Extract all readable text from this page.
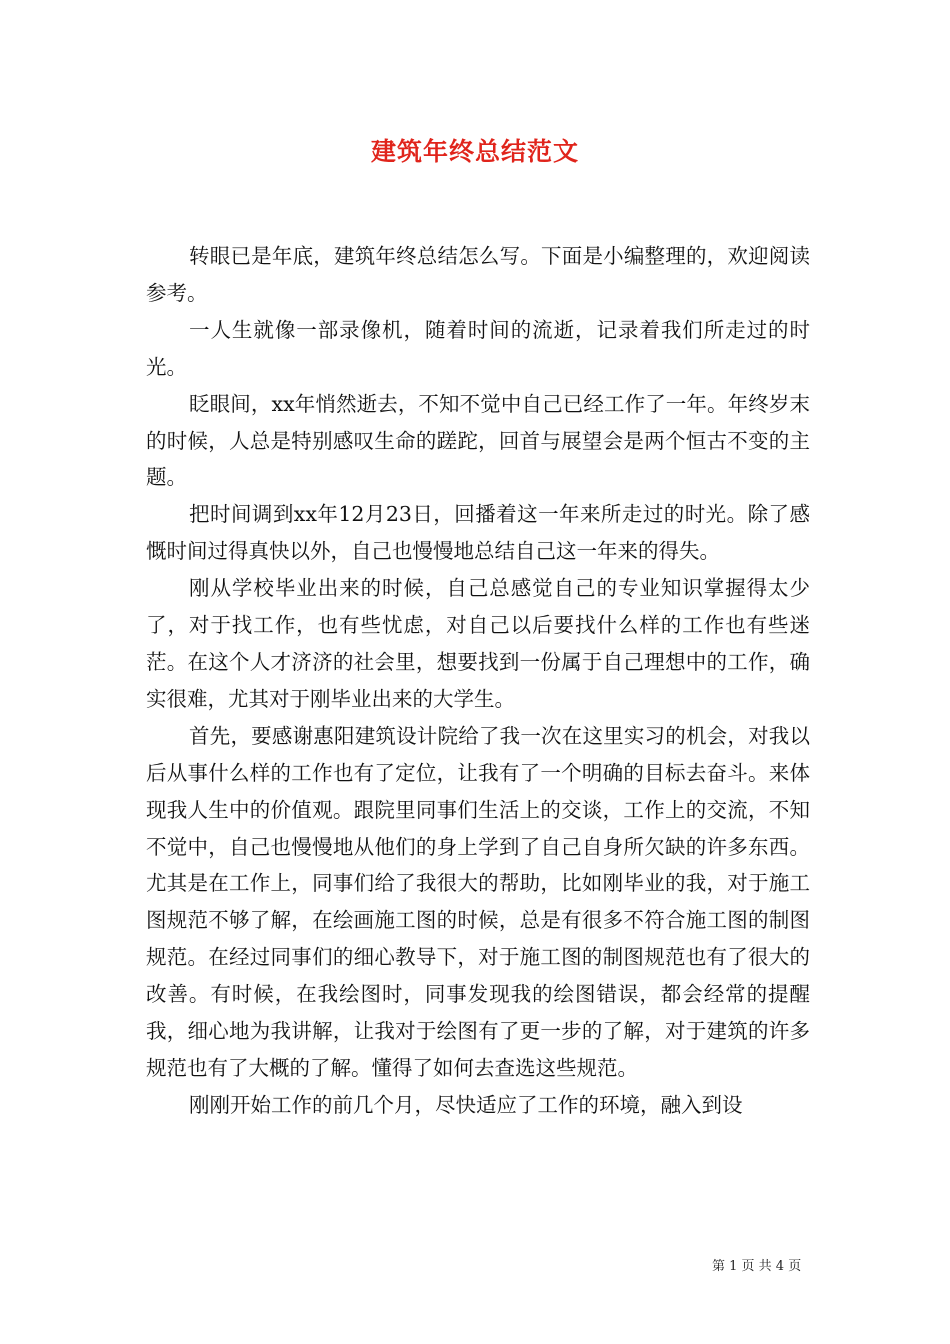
建筑年终总结范文

转眼已是年底，建筑年终总结怎么写。下面是小编整理的，欢迎阅读参考。

一人生就像一部录像机，随着时间的流逝，记录着我们所走过的时光。

眨眼间，xx年悄然逝去，不知不觉中自己已经工作了一年。年终岁末的时候，人总是特别感叹生命的蹉跎，回首与展望会是两个恒古不变的主题。

把时间调到xx年12月23日，回播着这一年来所走过的时光。除了感慨时间过得真快以外，自己也慢慢地总结自己这一年来的得失。

刚从学校毕业出来的时候，自己总感觉自己的专业知识掌握得太少了，对于找工作，也有些忧虑，对自己以后要找什么样的工作也有些迷茫。在这个人才济济的社会里，想要找到一份属于自己理想中的工作，确实很难，尤其对于刚毕业出来的大学生。

首先，要感谢惠阳建筑设计院给了我一次在这里实习的机会，对我以后从事什么样的工作也有了定位，让我有了一个明确的目标去奋斗。来体现我人生中的价值观。跟院里同事们生活上的交谈，工作上的交流，不知不觉中，自己也慢慢地从他们的身上学到了自己自身所欠缺的许多东西。尤其是在工作上，同事们给了我很大的帮助，比如刚毕业的我，对于施工图规范不够了解，在绘画施工图的时候，总是有很多不符合施工图的制图规范。在经过同事们的细心教导下，对于施工图的制图规范也有了很大的改善。有时候，在我绘图时，同事发现我的绘图错误，都会经常的提醒我，细心地为我讲解，让我对于绘图有了更一步的了解，对于建筑的许多规范也有了大概的了解。懂得了如何去查选这些规范。

刚刚开始工作的前几个月，尽快适应了工作的环境，融入到设

第 1 页 共 4 页
